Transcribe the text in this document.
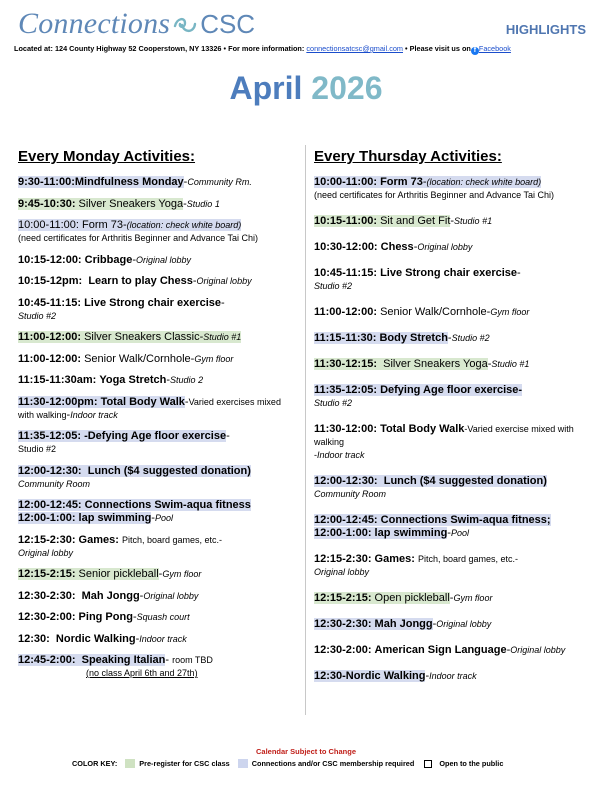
Connections CSC	HIGHLIGHTS
Located at: 124 County Highway 52 Cooperstown, NY 13326 • For more information: connectionsatcsc@gmail.com • Please visit us on f Facebook
April 2026
Every Monday Activities:
9:30-11:00:Mindfulness Monday-Community Rm.
9:45-10:30: Silver Sneakers Yoga-Studio 1
10:00-11:00: Form 73-(location: check white board)
(need certificates for Arthritis Beginner and Advance Tai Chi)
10:15-12:00: Cribbage-Original lobby
10:15-12pm: Learn to play Chess-Original lobby
10:45-11:15: Live Strong chair exercise-
Studio #2
11:00-12:00: Silver Sneakers Classic-Studio #1
11:00-12:00: Senior Walk/Cornhole-Gym floor
11:15-11:30am: Yoga Stretch-Studio 2
11:30-12:00pm: Total Body Walk-Varied exercises mixed with walking-Indoor track
11:35-12:05: -Defying Age floor exercise-
Studio #2
12:00-12:30: Lunch ($4 suggested donation)
Community Room
12:00-12:45: Connections Swim-aqua fitness
12:00-1:00: lap swimming-Pool
12:15-2:30: Games: Pitch, board games, etc.-
Original lobby
12:15-2:15: Senior pickleball-Gym floor
12:30-2:30: Mah Jongg-Original lobby
12:30-2:00: Ping Pong-Squash court
12:30: Nordic Walking-Indoor track
12:45-2:00: Speaking Italian- room TBD
(no class April 6th and 27th)
Every Thursday Activities:
10:00-11:00: Form 73-(location: check white board)
(need certificates for Arthritis Beginner and Advance Tai Chi)
10:15-11:00: Sit and Get Fit-Studio #1
10:30-12:00: Chess-Original lobby
10:45-11:15: Live Strong chair exercise-
Studio #2
11:00-12:00: Senior Walk/Cornhole-Gym floor
11:15-11:30: Body Stretch-Studio #2
11:30-12:15: Silver Sneakers Yoga-Studio #1
11:35-12:05: Defying Age floor exercise-
Studio #2
11:30-12:00: Total Body Walk-Varied exercise mixed with walking
-Indoor track
12:00-12:30: Lunch ($4 suggested donation)
Community Room
12:00-12:45: Connections Swim-aqua fitness;
12:00-1:00: lap swimming-Pool
12:15-2:30: Games: Pitch, board games, etc.-
Original lobby
12:15-2:15: Open pickleball-Gym floor
12:30-2:30: Mah Jongg-Original lobby
12:30-2:00: American Sign Language-Original lobby
12:30-Nordic Walking-Indoor track
Calendar Subject to Change
COLOR KEY:	Pre-register for CSC class	Connections and/or CSC membership required	Open to the public
